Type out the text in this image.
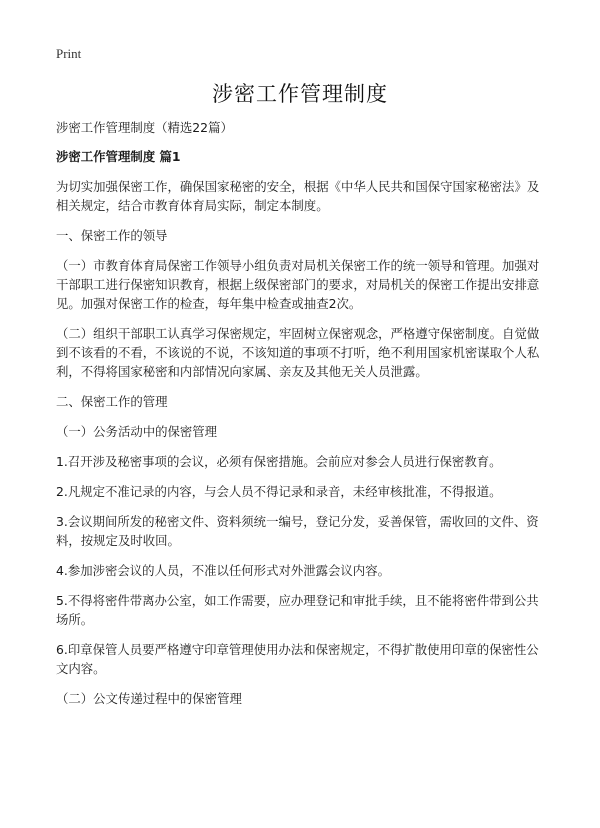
Print

涉密工作管理制度

涉密工作管理制度（精选22篇）

涉密工作管理制度 篇1

为切实加强保密工作，确保国家秘密的安全，根据《中华人民共和国保守国家秘密法》及相关规定，结合市教育体育局实际，制定本制度。

一、保密工作的领导

（一）市教育体育局保密工作领导小组负责对局机关保密工作的统一领导和管理。加强对干部职工进行保密知识教育，根据上级保密部门的要求，对局机关的保密工作提出安排意见。加强对保密工作的检查，每年集中检查或抽查2次。

（二）组织干部职工认真学习保密规定，牢固树立保密观念，严格遵守保密制度。自觉做到不该看的不看，不该说的不说，不该知道的事项不打听，绝不利用国家机密谋取个人私利，不得将国家秘密和内部情况向家属、亲友及其他无关人员泄露。

二、保密工作的管理

（一）公务活动中的保密管理

1.召开涉及秘密事项的会议，必须有保密措施。会前应对参会人员进行保密教育。

2.凡规定不准记录的内容，与会人员不得记录和录音，未经审核批准，不得报道。

3.会议期间所发的秘密文件、资料须统一编号，登记分发，妥善保管，需收回的文件、资料，按规定及时收回。

4.参加涉密会议的人员，不准以任何形式对外泄露会议内容。

5.不得将密件带离办公室，如工作需要，应办理登记和审批手续，且不能将密件带到公共场所。

6.印章保管人员要严格遵守印章管理使用办法和保密规定，不得扩散使用印章的保密性公文内容。

（二）公文传递过程中的保密管理
